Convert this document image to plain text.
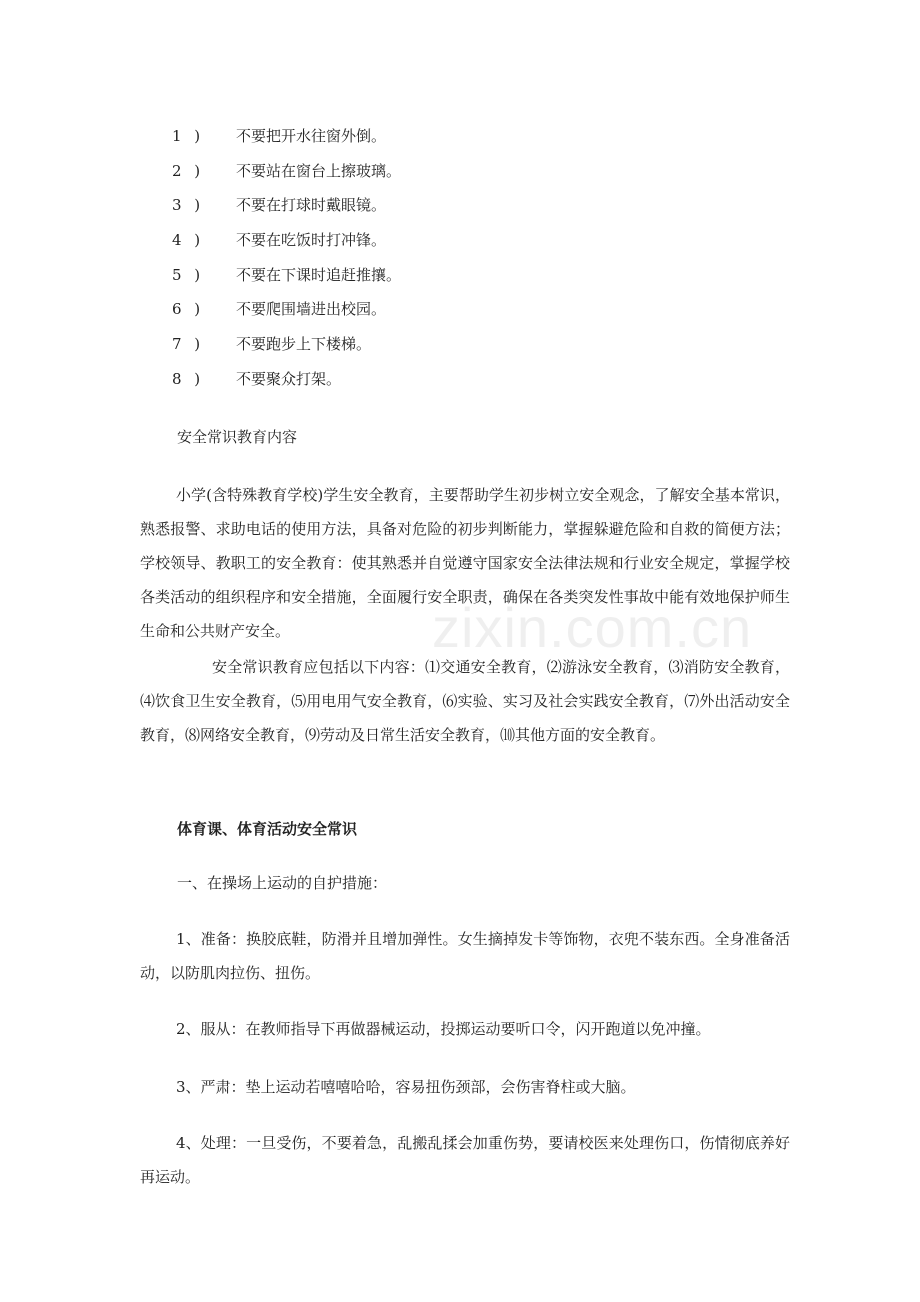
1 ) 不要把开水往窗外倒。
2 ) 不要站在窗台上擦玻璃。
3 ) 不要在打球时戴眼镜。
4 ) 不要在吃饭时打冲锋。
5 ) 不要在下课时追赶推攘。
6 ) 不要爬围墙进出校园。
7 ) 不要跑步上下楼梯。
8 ) 不要聚众打架。
安全常识教育内容

小学(含特殊教育学校)学生安全教育，主要帮助学生初步树立安全观念，了解安全基本常识，熟悉报警、求助电话的使用方法，具备对危险的初步判断能力，掌握躲避危险和自救的简便方法；学校领导、教职工的安全教育：使其熟悉并自觉遵守国家安全法律法规和行业安全规定，掌握学校各类活动的组织程序和安全措施，全面履行安全职责，确保在各类突发性事故中能有效地保护师生生命和公共财产安全。

安全常识教育应包括以下内容：⑴交通安全教育，⑵游泳安全教育，⑶消防安全教育，⑷饮食卫生安全教育，⑸用电用气安全教育，⑹实验、实习及社会实践安全教育，⑺外出活动安全教育，⑻网络安全教育，⑼劳动及日常生活安全教育，⑽其他方面的安全教育。

体育课、体育活动安全常识
一、在操场上运动的自护措施：

1、准备：换胶底鞋，防滑并且增加弹性。女生摘掉发卡等饰物，衣兜不装东西。全身准备活动，以防肌肉拉伤、扭伤。

2、服从：在教师指导下再做器械运动，投掷运动要听口令，闪开跑道以免冲撞。

3、严肃：垫上运动若嘻嘻哈哈，容易扭伤颈部，会伤害脊柱或大脑。

4、处理：一旦受伤，不要着急，乱搬乱揉会加重伤势，要请校医来处理伤口，伤情彻底养好再运动。

zixin.com.cn
